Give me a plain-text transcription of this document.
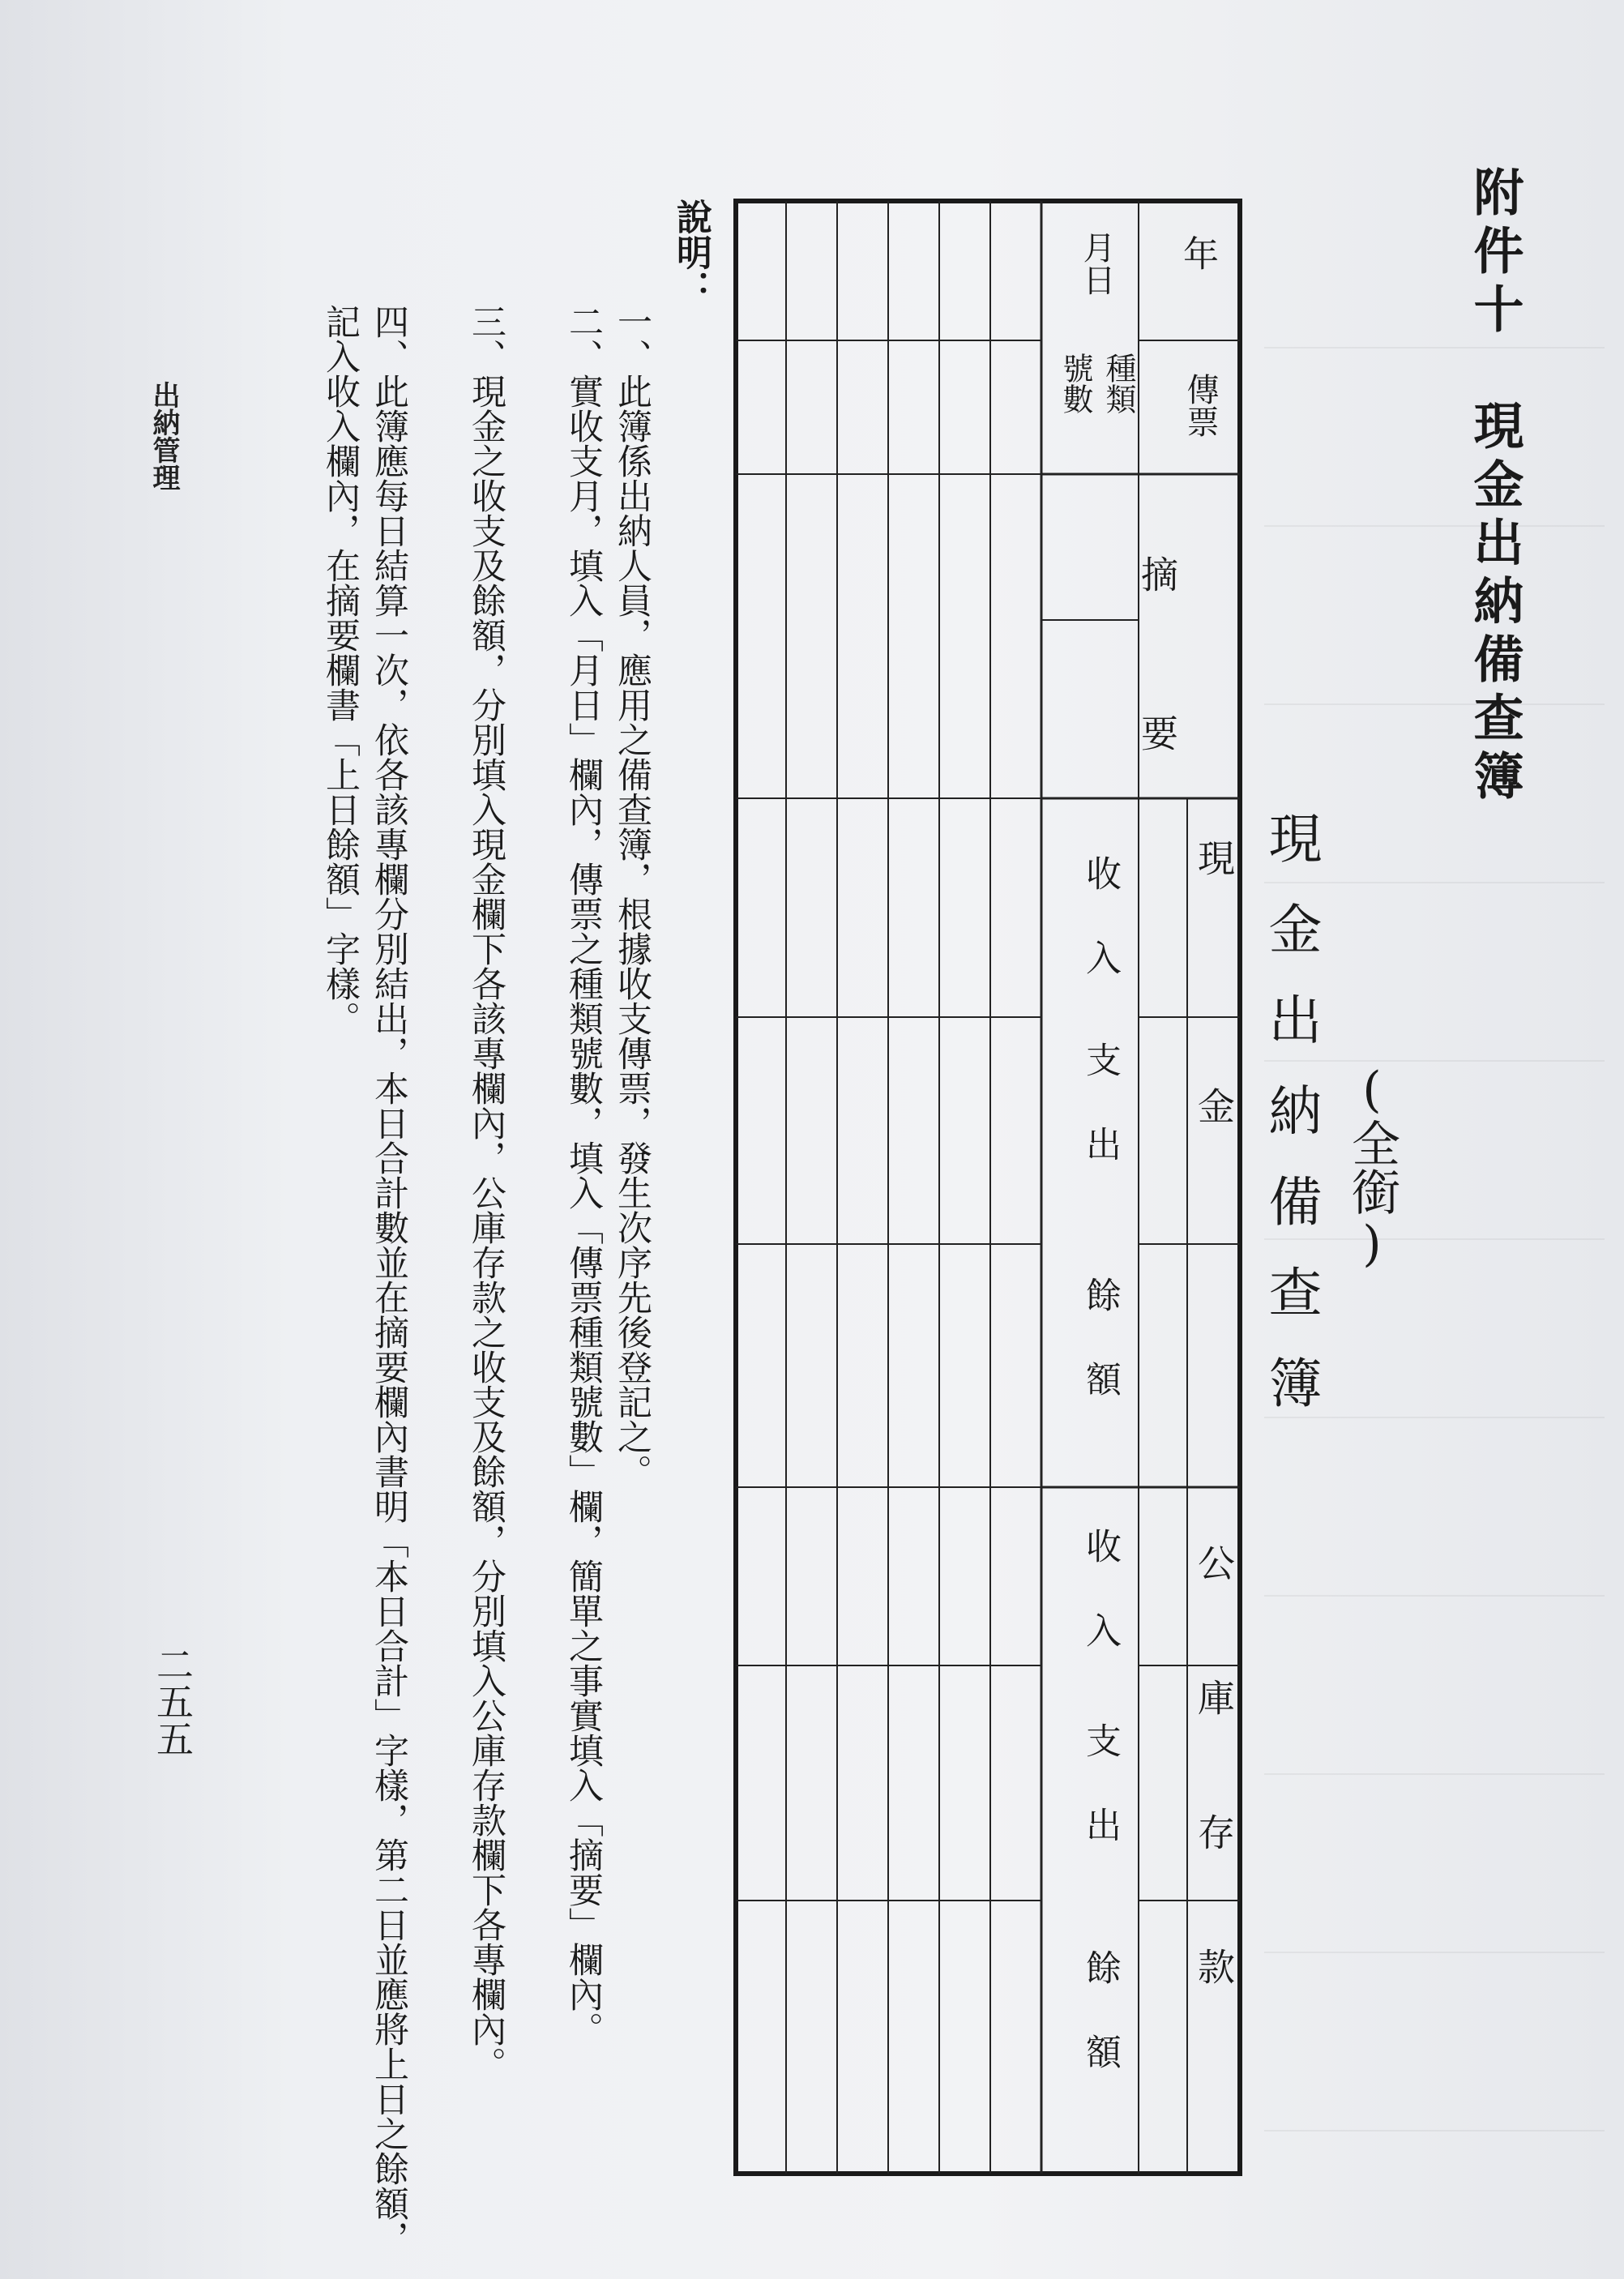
附件十　現金出納備查簿
現金出納備查簿 (全銜)
年
月日
傳票
種類
號數
摘要
現金
收入
支出
餘額
公庫存款
收入
支出
餘額
說明：
一、此簿係出納人員，應用之備查簿，根據收支傳票，發生次序先後登記之。
二、實收支月，填入「月日」欄內，傳票之種類號數，填入「傳票種類號數」欄，簡單之事實填入「摘要」欄內。
三、現金之收支及餘額，分別填入現金欄下各該專欄內，公庫存款之收支及餘額，分別填入公庫存款欄下各專欄內。
四、此簿應每日結算一次，依各該專欄分別結出，本日合計數並在摘要欄內書明「本日合計」字樣，第二日並應將上日之餘額，記入收入欄內，在摘要欄書「上日餘額」字樣。
出納管理
二五五
